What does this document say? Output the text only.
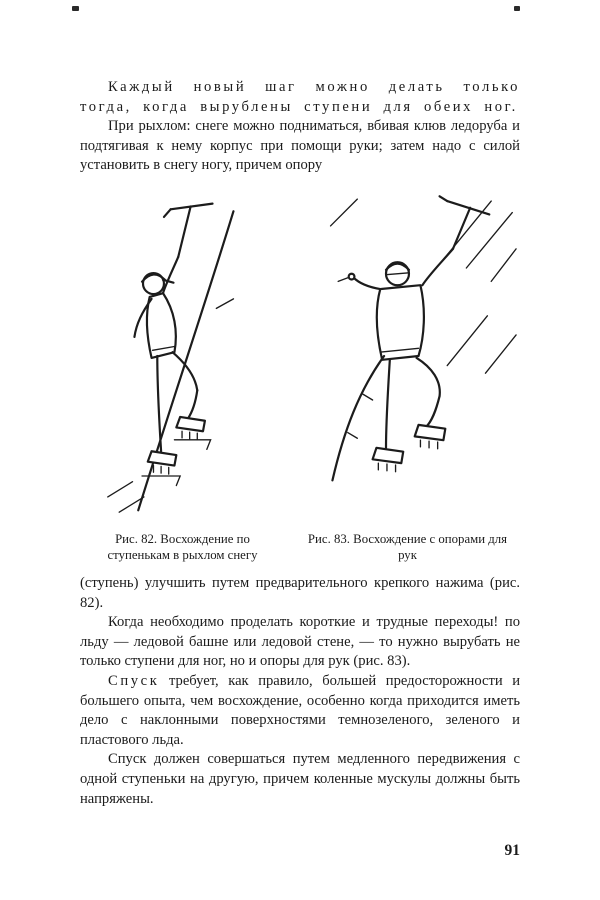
Каждый новый шаг можно делать только тогда, когда вырублены ступени для обеих ног.

При рыхлом: снеге можно подниматься, вбивая клюв ледоруба и подтягивая к нему корпус при помощи руки; затем надо с силой установить в снегу ногу, причем опору

Рис. 82. Восхождение по ступенькам в рыхлом снегу
Рис. 83. Восхождение с опорами для рук

(ступень) улучшить путем предварительного крепкого нажима (рис. 82).

Когда необходимо проделать короткие и трудные переходы! по льду — ледовой башне или ледовой стене, — то нужно вырубать не только ступени для ног, но и опоры для рук (рис. 83).

Спуск требует, как правило, большей предосторожности и большего опыта, чем восхождение, особенно когда приходится иметь дело с наклонными поверхностями темнозеленого, зеленого и пластового льда.

Спуск должен совершаться путем медленного передвижения с одной ступеньки на другую, причем коленные мускулы должны быть напряжены.

91
